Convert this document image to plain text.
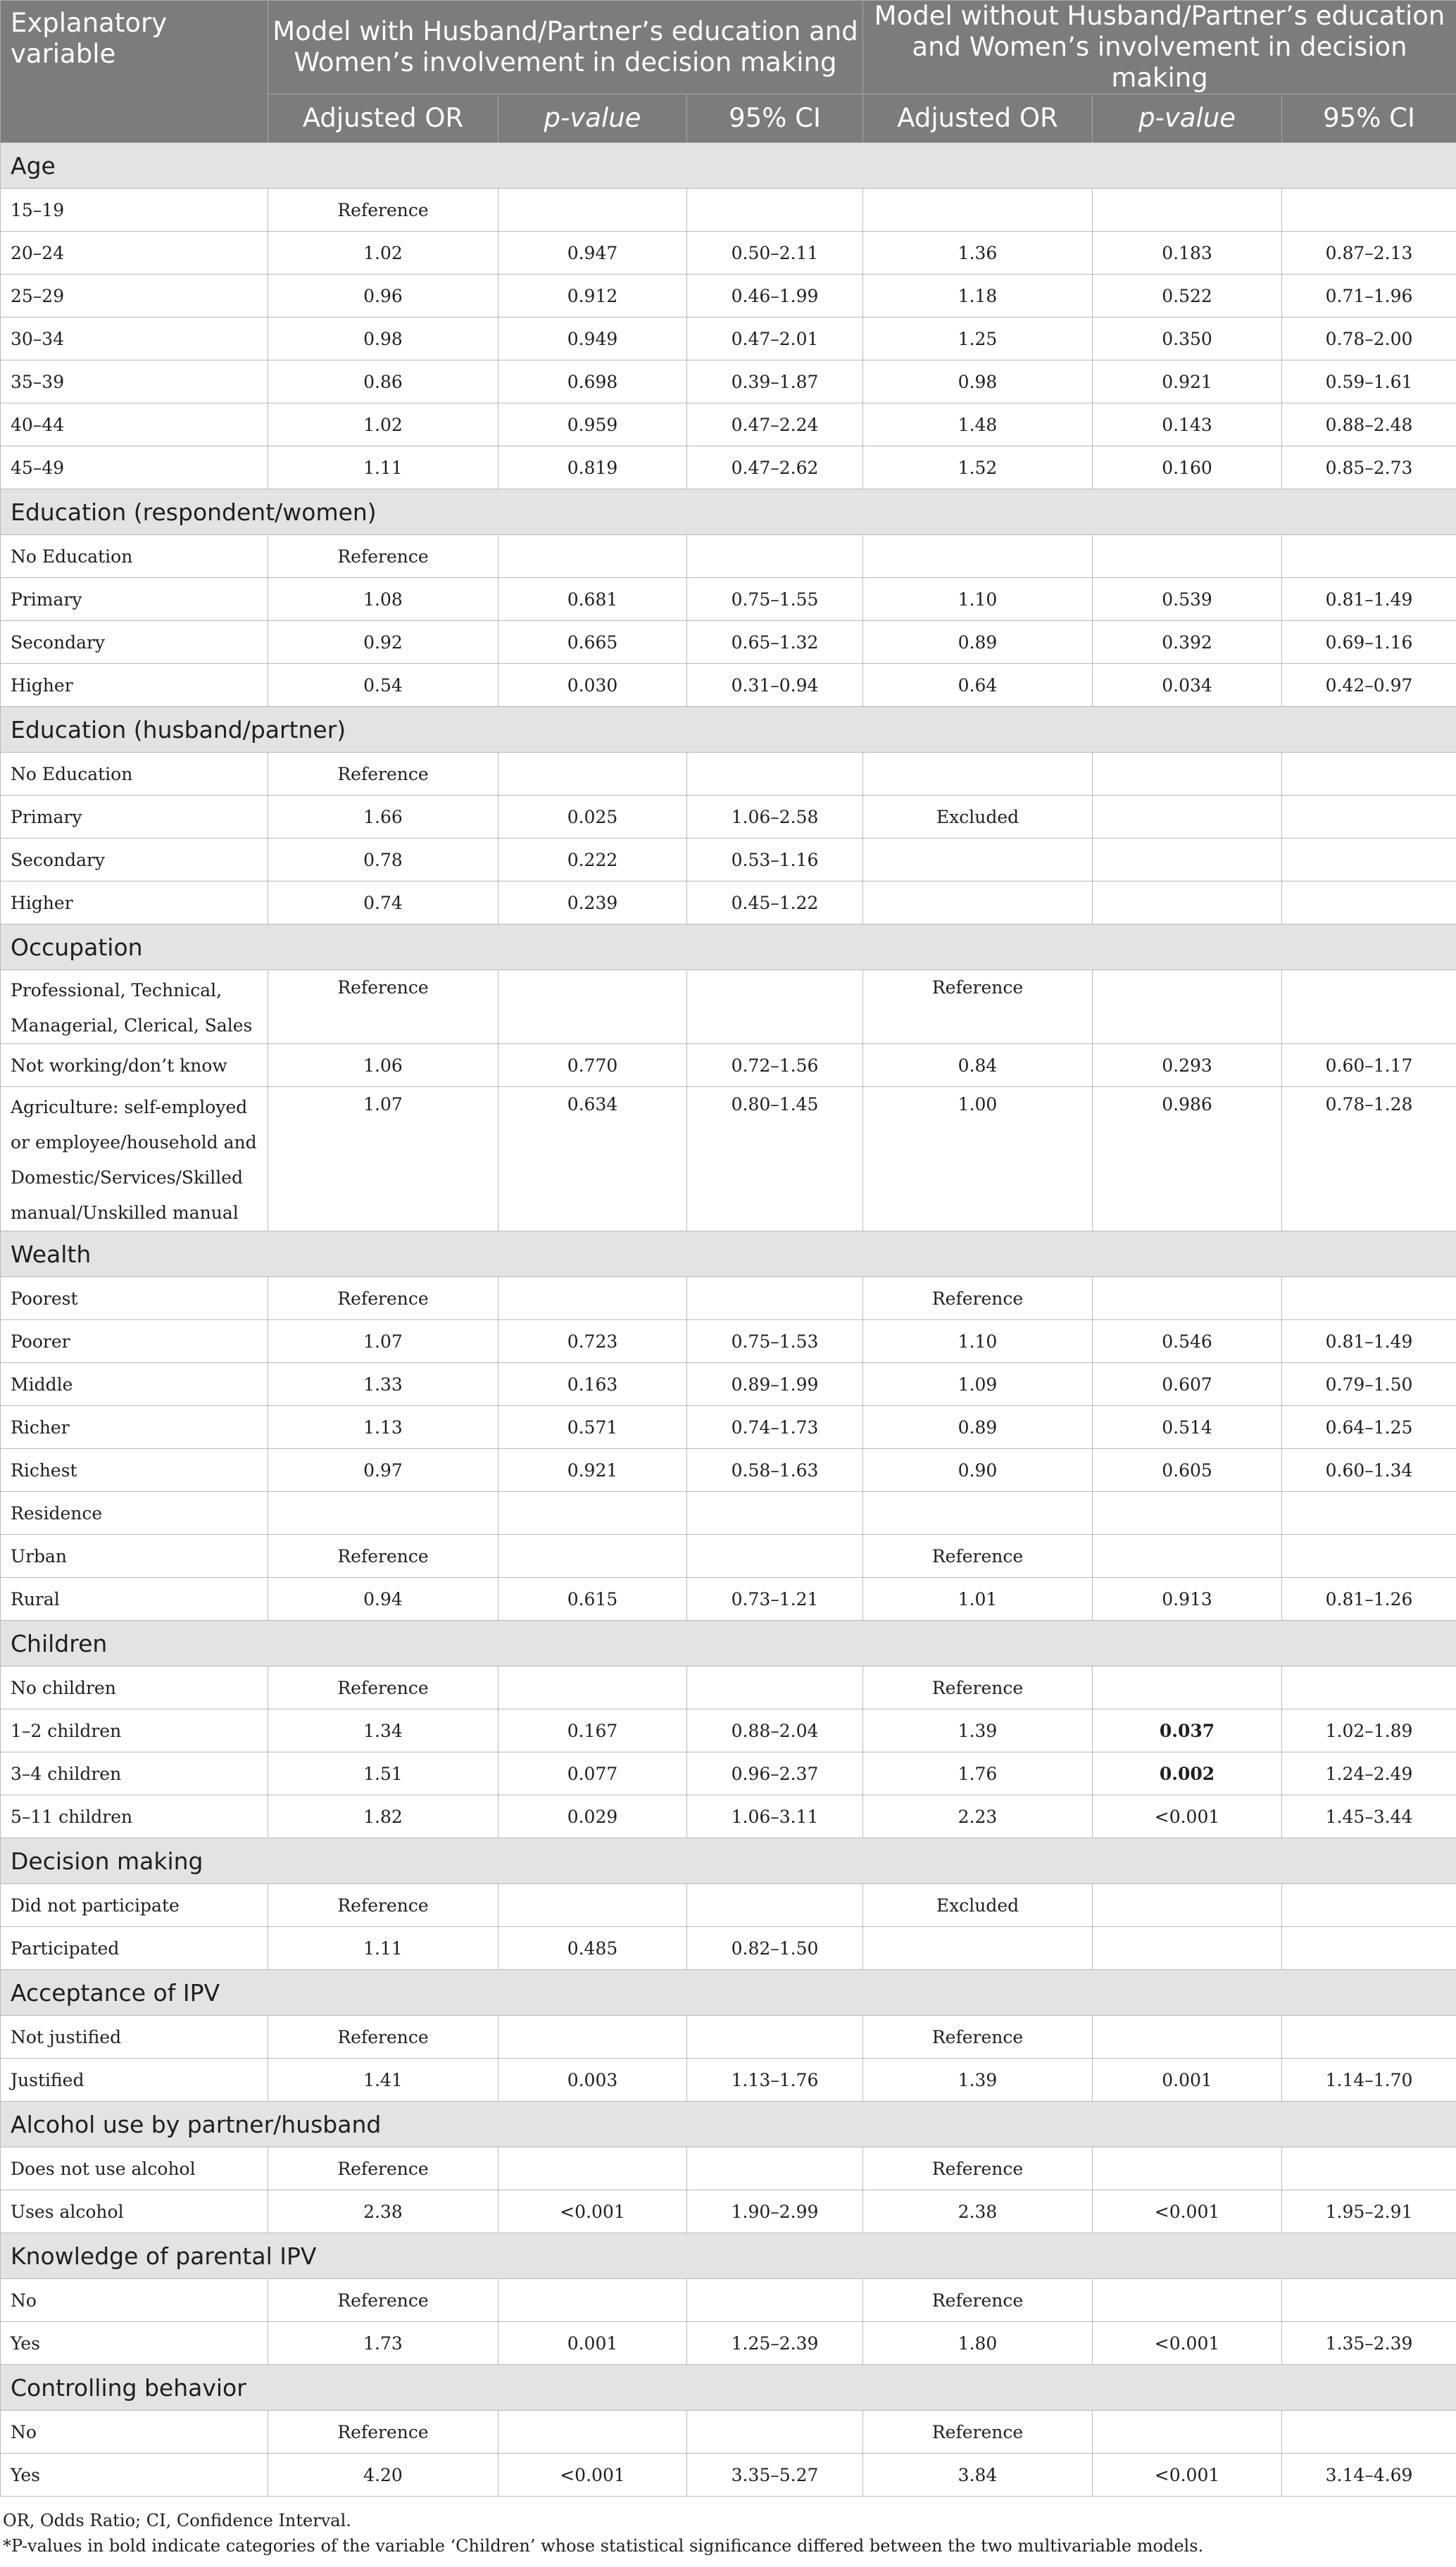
Explanatory variable	Model with Husband/Partner’s education and Women’s involvement in decision making			Model without Husband/Partner’s education and Women’s involvement in decision making		
	Adjusted OR	p-value	95% CI	Adjusted OR	p-value	95% CI
Age						
15–19	Reference					
20–24	1.02	0.947	0.50–2.11	1.36	0.183	0.87–2.13
25–29	0.96	0.912	0.46–1.99	1.18	0.522	0.71–1.96
30–34	0.98	0.949	0.47–2.01	1.25	0.350	0.78–2.00
35–39	0.86	0.698	0.39–1.87	0.98	0.921	0.59–1.61
40–44	1.02	0.959	0.47–2.24	1.48	0.143	0.88–2.48
45–49	1.11	0.819	0.47–2.62	1.52	0.160	0.85–2.73
Education (respondent/women)						
No Education	Reference					
Primary	1.08	0.681	0.75–1.55	1.10	0.539	0.81–1.49
Secondary	0.92	0.665	0.65–1.32	0.89	0.392	0.69–1.16
Higher	0.54	0.030	0.31–0.94	0.64	0.034	0.42–0.97
Education (husband/partner)						
No Education	Reference					
Primary	1.66	0.025	1.06–2.58	Excluded		
Secondary	0.78	0.222	0.53–1.16			
Higher	0.74	0.239	0.45–1.22			
Occupation						
Professional, Technical, Managerial, Clerical, Sales	Reference			Reference		
Not working/don’t know	1.06	0.770	0.72–1.56	0.84	0.293	0.60–1.17
Agriculture: self-employed or employee/household and Domestic/Services/Skilled manual/Unskilled manual	1.07	0.634	0.80–1.45	1.00	0.986	0.78–1.28
Wealth						
Poorest	Reference			Reference		
Poorer	1.07	0.723	0.75–1.53	1.10	0.546	0.81–1.49
Middle	1.33	0.163	0.89–1.99	1.09	0.607	0.79–1.50
Richer	1.13	0.571	0.74–1.73	0.89	0.514	0.64–1.25
Richest	0.97	0.921	0.58–1.63	0.90	0.605	0.60–1.34
Residence						
Urban	Reference			Reference		
Rural	0.94	0.615	0.73–1.21	1.01	0.913	0.81–1.26
Children						
No children	Reference			Reference		
1–2 children	1.34	0.167	0.88–2.04	1.39	0.037	1.02–1.89
3–4 children	1.51	0.077	0.96–2.37	1.76	0.002	1.24–2.49
5–11 children	1.82	0.029	1.06–3.11	2.23	<0.001	1.45–3.44
Decision making						
Did not participate	Reference			Excluded		
Participated	1.11	0.485	0.82–1.50			
Acceptance of IPV						
Not justified	Reference			Reference		
Justified	1.41	0.003	1.13–1.76	1.39	0.001	1.14–1.70
Alcohol use by partner/husband						
Does not use alcohol	Reference			Reference		
Uses alcohol	2.38	<0.001	1.90–2.99	2.38	<0.001	1.95–2.91
Knowledge of parental IPV						
No	Reference			Reference		
Yes	1.73	0.001	1.25–2.39	1.80	<0.001	1.35–2.39
Controlling behavior						
No	Reference			Reference		
Yes	4.20	<0.001	3.35–5.27	3.84	<0.001	3.14–4.69
OR, Odds Ratio; CI, Confidence Interval.
*P-values in bold indicate categories of the variable ‘Children’ whose statistical significance differed between the two multivariable models.
